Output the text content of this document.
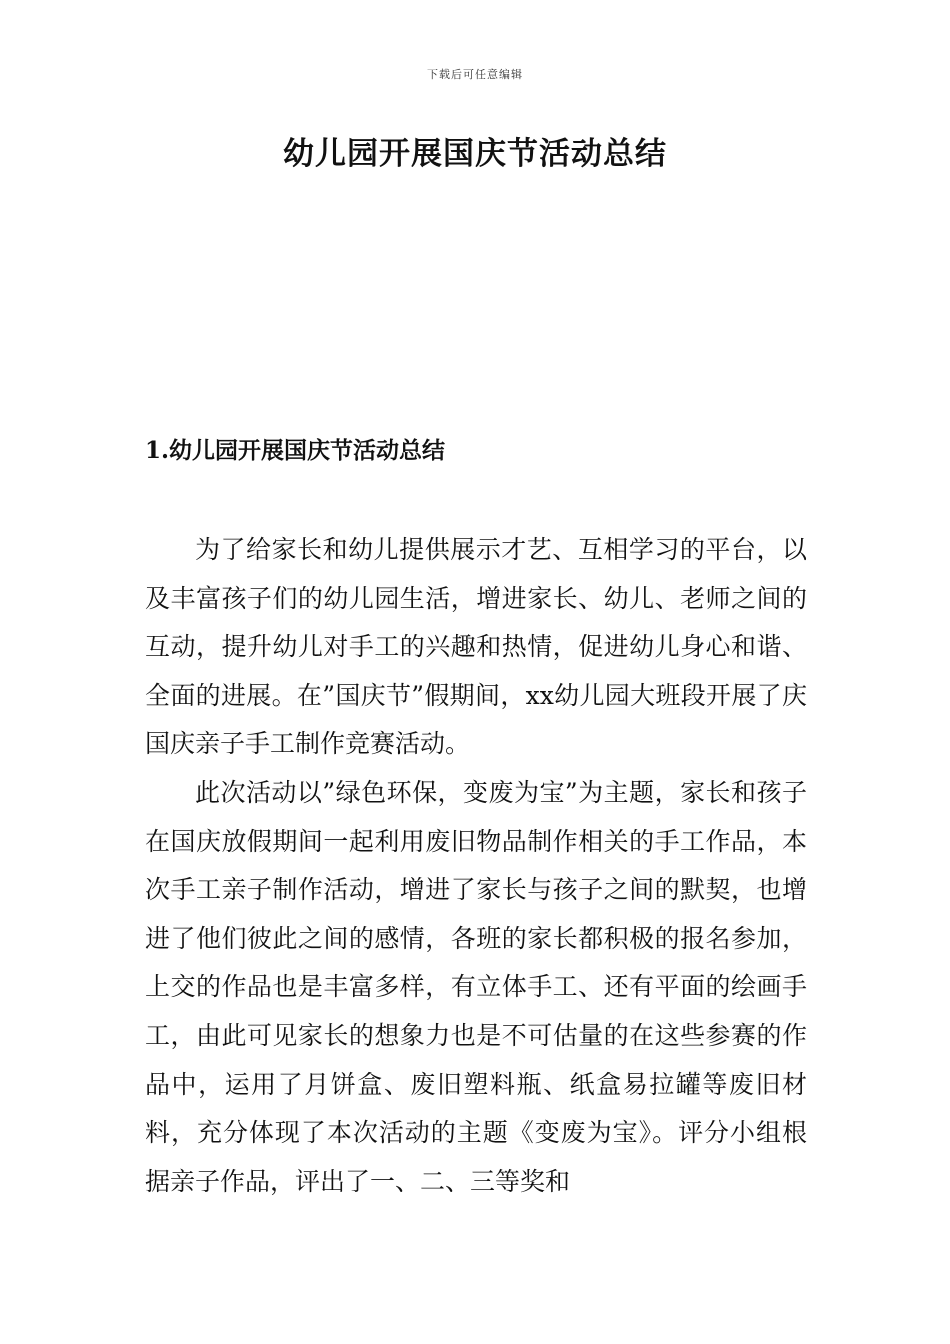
下载后可任意编辑
幼儿园开展国庆节活动总结
1.幼儿园开展国庆节活动总结

为了给家长和幼儿提供展示才艺、互相学习的平台，以及丰富孩子们的幼儿园生活，增进家长、幼儿、老师之间的互动，提升幼儿对手工的兴趣和热情，促进幼儿身心和谐、全面的进展。在”国庆节”假期间，xx幼儿园大班段开展了庆国庆亲子手工制作竞赛活动。

此次活动以”绿色环保，变废为宝”为主题，家长和孩子在国庆放假期间一起利用废旧物品制作相关的手工作品，本次手工亲子制作活动，增进了家长与孩子之间的默契，也增进了他们彼此之间的感情，各班的家长都积极的报名参加，上交的作品也是丰富多样，有立体手工、还有平面的绘画手工，由此可见家长的想象力也是不可估量的在这些参赛的作品中，运用了月饼盒、废旧塑料瓶、纸盒易拉罐等废旧材料，充分体现了本次活动的主题《变废为宝》。评分小组根据亲子作品，评出了一、二、三等奖和
